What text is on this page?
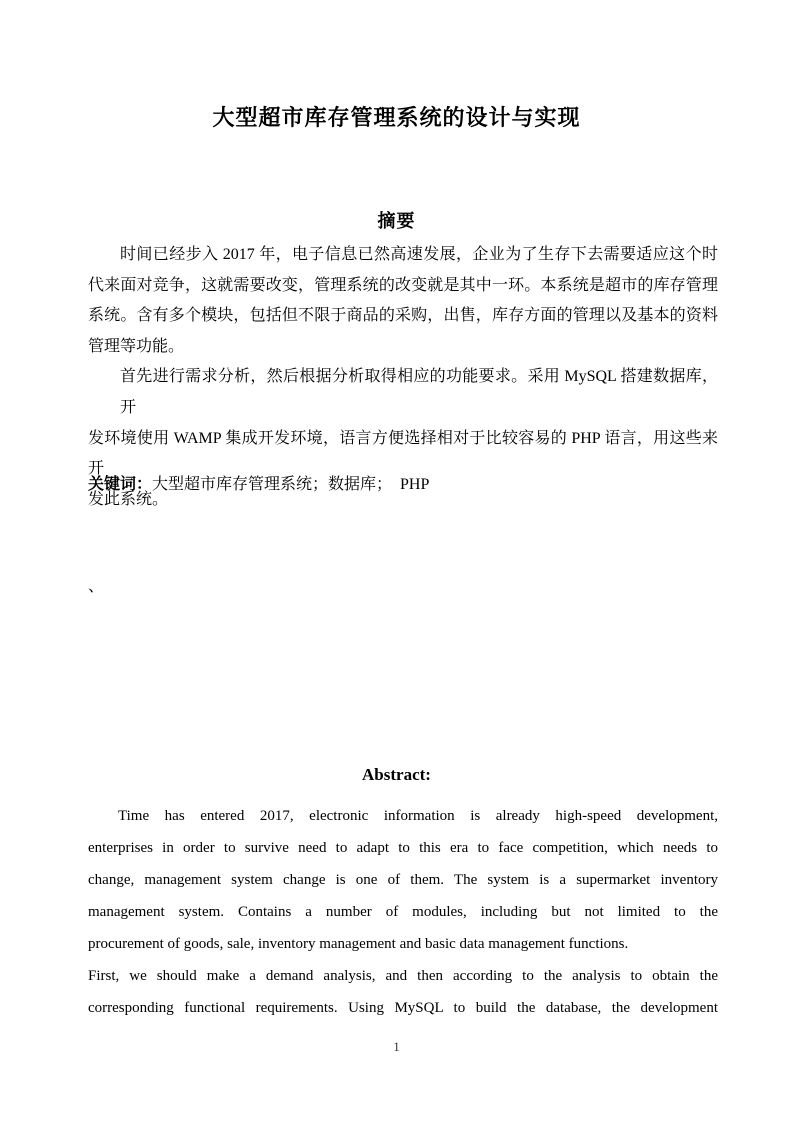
大型超市库存管理系统的设计与实现
摘要
时间已经步入 2017 年，电子信息已然高速发展，企业为了生存下去需要适应这个时
代来面对竞争，这就需要改变，管理系统的改变就是其中一环。本系统是超市的库存管理
系统。含有多个模块，包括但不限于商品的采购，出售，库存方面的管理以及基本的资料
管理等功能。
首先进行需求分析，然后根据分析取得相应的功能要求。采用 MySQL 搭建数据库，开
发环境使用 WAMP 集成开发环境，语言方便选择相对于比较容易的 PHP 语言，用这些来开
发此系统。
关键词：大型超市库存管理系统；数据库；  PHP
、
Abstract:
Time has entered 2017, electronic information is already high-speed development,
enterprises in order to survive need to adapt to this era to face competition, which needs to
change, management system change is one of them. The system is a supermarket inventory
management system. Contains a number of modules, including but not limited to the
procurement of goods, sale, inventory management and basic data management functions.
First, we should make a demand analysis, and then according to the analysis to obtain the
corresponding functional requirements. Using MySQL to build the database, the development
1
